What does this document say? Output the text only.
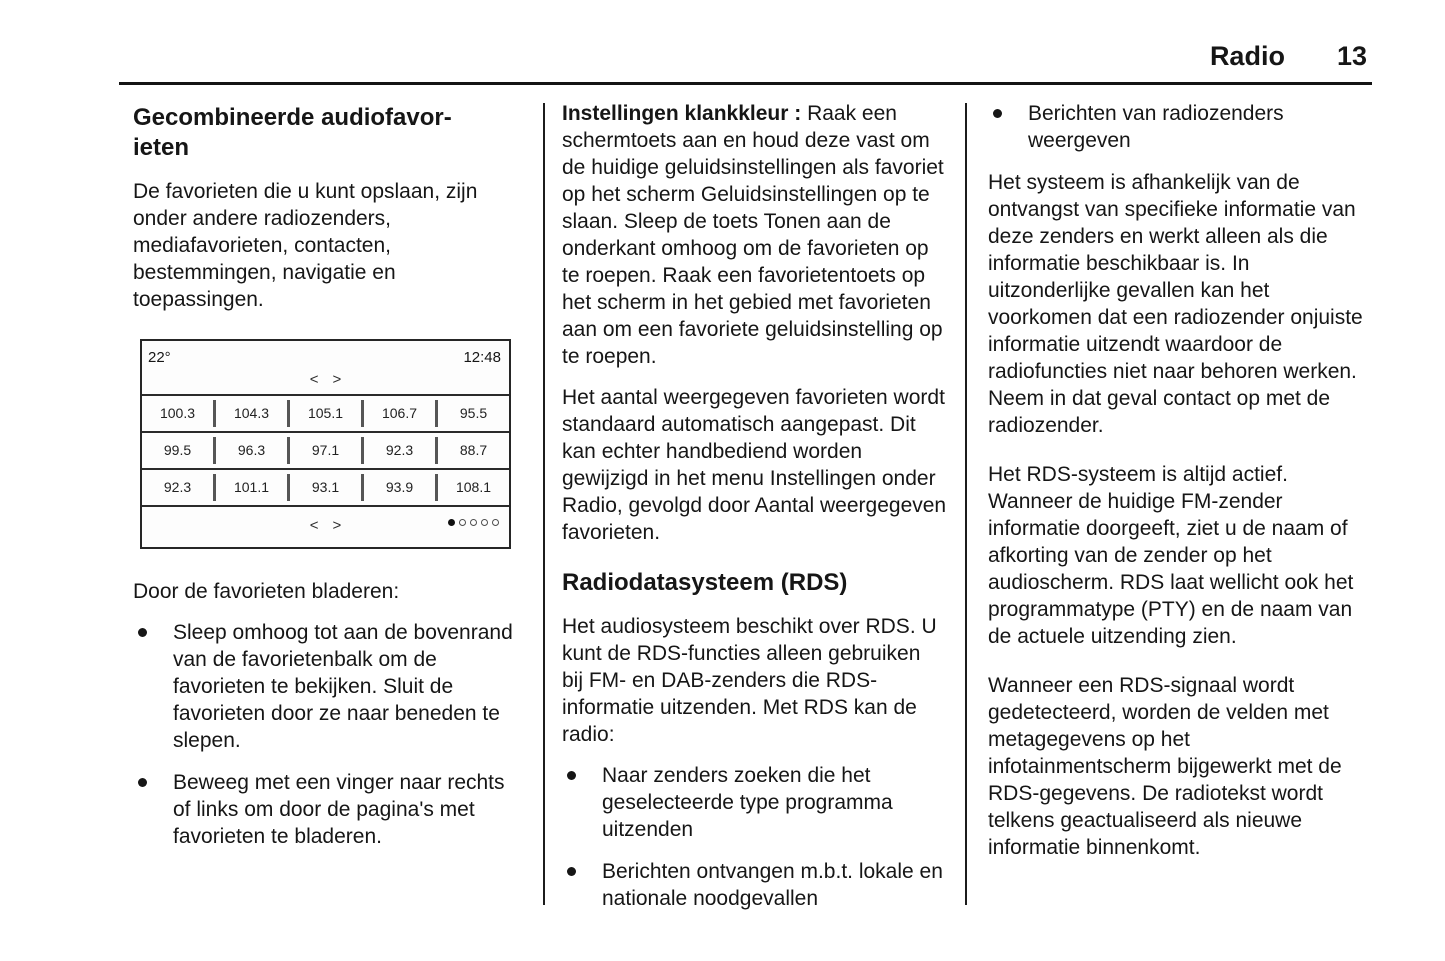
Radio 13
Gecombineerde audiofavor-
ieten

De favorieten die u kunt opslaan, zijn onder andere radiozenders, mediafavorieten, contacten, bestemmingen, navigatie en toepassingen.

22°	12:48
< >
100.3	104.3	105.1	106.7	95.5
99.5	96.3	97.1	92.3	88.7
92.3	101.1	93.1	93.9	108.1
< >

Door de favorieten bladeren:

Sleep omhoog tot aan de bovenrand van de favorietenbalk om de favorieten te bekijken. Sluit de favorieten door ze naar beneden te slepen.
Beweeg met een vinger naar rechts of links om door de pagina's met favorieten te bladeren.

Instellingen klankkleur : Raak een schermtoets aan en houd deze vast om de huidige geluidsinstellingen als favoriet op het scherm Geluidsinstellingen op te slaan. Sleep de toets Tonen aan de onderkant omhoog om de favorieten op te roepen. Raak een favorietentoets op het scherm in het gebied met favorieten aan om een favoriete geluidsinstelling op te roepen.

Het aantal weergegeven favorieten wordt standaard automatisch aangepast. Dit kan echter handbediend worden gewijzigd in het menu Instellingen onder Radio, gevolgd door Aantal weergegeven favorieten.

Radiodatasysteem (RDS)

Het audiosysteem beschikt over RDS. U kunt de RDS-functies alleen gebruiken bij FM- en DAB-zenders die RDS-informatie uitzenden. Met RDS kan de radio:

Naar zenders zoeken die het geselecteerde type programma uitzenden
Berichten ontvangen m.b.t. lokale en nationale noodgevallen
Berichten van radiozenders weergeven

Het systeem is afhankelijk van de ontvangst van specifieke informatie van deze zenders en werkt alleen als die informatie beschikbaar is. In uitzonderlijke gevallen kan het voorkomen dat een radiozender onjuiste informatie uitzendt waardoor de radiofuncties niet naar behoren werken. Neem in dat geval contact op met de radiozender.

Het RDS-systeem is altijd actief. Wanneer de huidige FM-zender informatie doorgeeft, ziet u de naam of afkorting van de zender op het audioscherm. RDS laat wellicht ook het programmatype (PTY) en de naam van de actuele uitzending zien.

Wanneer een RDS-signaal wordt gedetecteerd, worden de velden met metagegevens op het infotainmentscherm bijgewerkt met de RDS-gegevens. De radiotekst wordt telkens geactualiseerd als nieuwe informatie binnenkomt.
